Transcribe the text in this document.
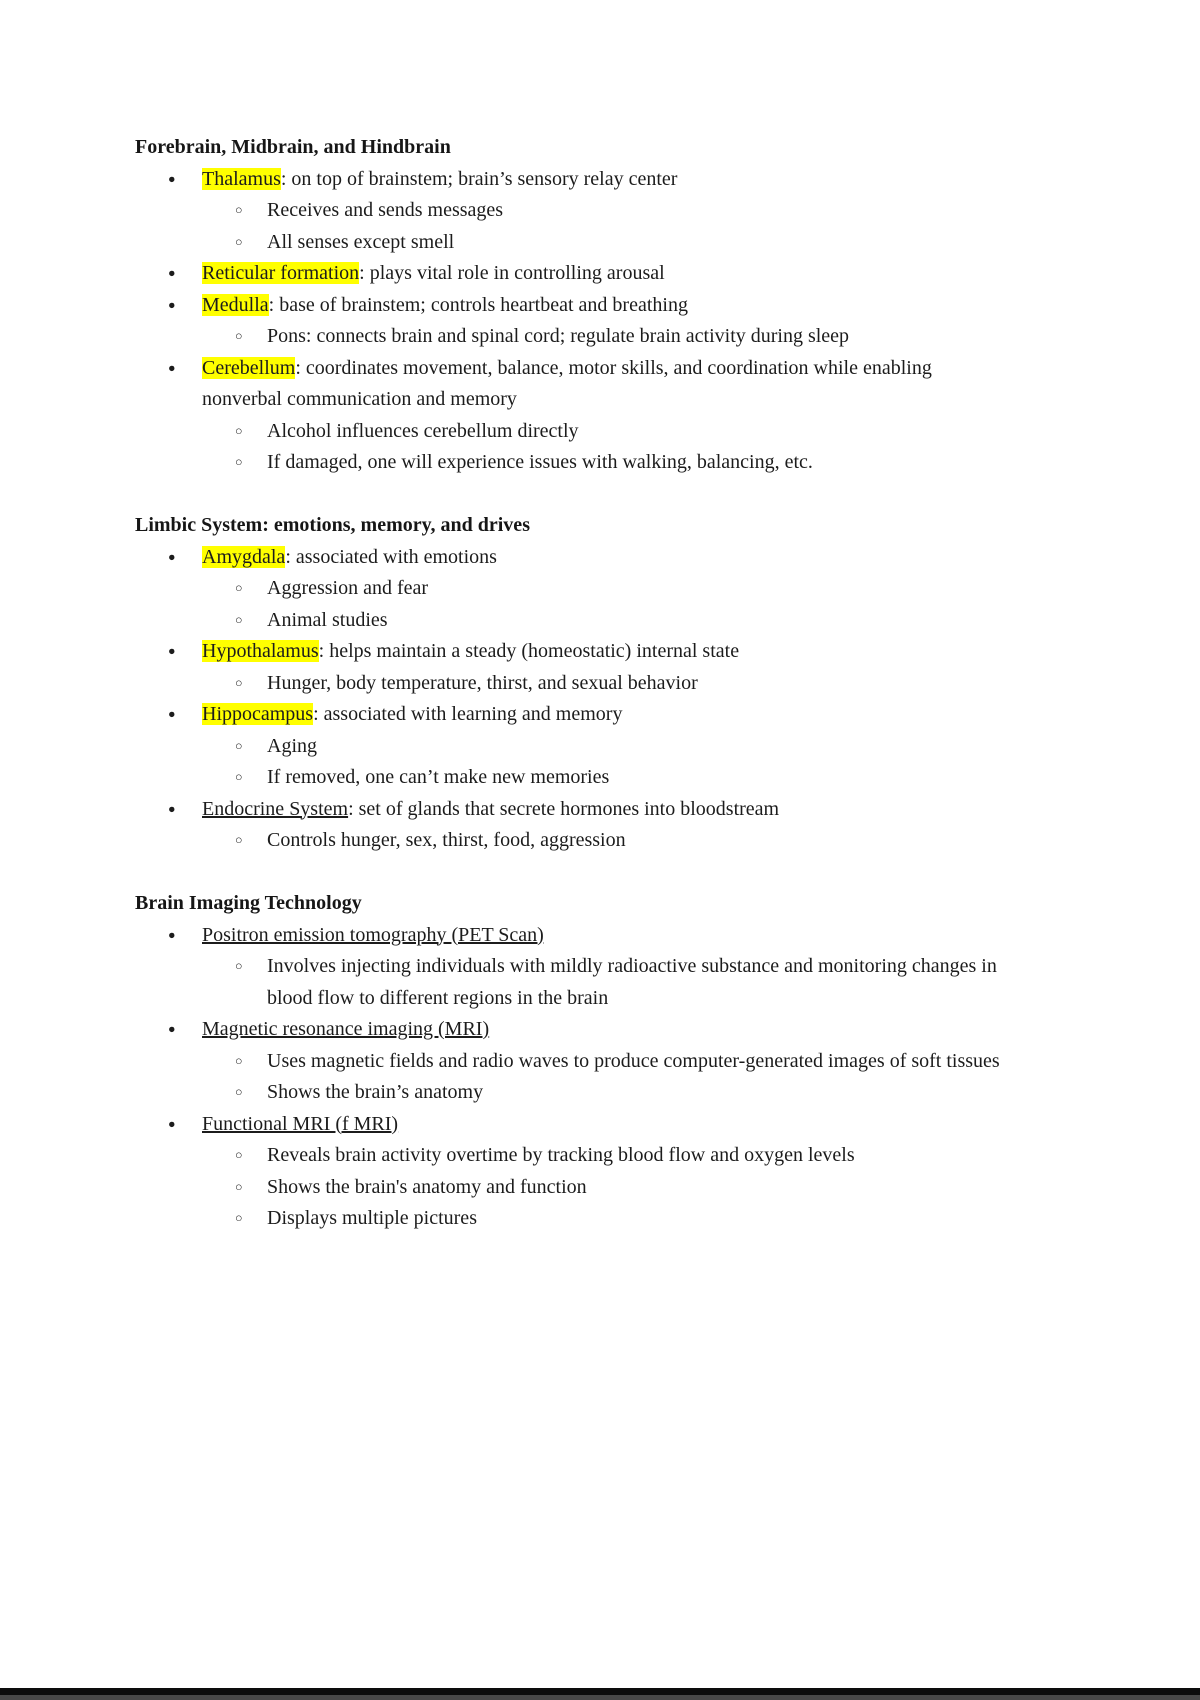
Forebrain, Midbrain, and Hindbrain
●	Thalamus: on top of brainstem; brain’s sensory relay center
○	Receives and sends messages
○	All senses except smell
●	Reticular formation: plays vital role in controlling arousal
●	Medulla: base of brainstem; controls heartbeat and breathing
○	Pons: connects brain and spinal cord; regulate brain activity during sleep
●	Cerebellum: coordinates movement, balance, motor skills, and coordination while enabling nonverbal communication and memory
○	Alcohol influences cerebellum directly
○	If damaged, one will experience issues with walking, balancing, etc.
Limbic System: emotions, memory, and drives
●	Amygdala: associated with emotions
○	Aggression and fear
○	Animal studies
●	Hypothalamus: helps maintain a steady (homeostatic) internal state
○	Hunger, body temperature, thirst, and sexual behavior
●	Hippocampus: associated with learning and memory
○	Aging
○	If removed, one can’t make new memories
●	Endocrine System: set of glands that secrete hormones into bloodstream
○	Controls hunger, sex, thirst, food, aggression
Brain Imaging Technology
●	Positron emission tomography (PET Scan)
○	Involves injecting individuals with mildly radioactive substance and monitoring changes in blood flow to different regions in the brain
●	Magnetic resonance imaging (MRI)
○	Uses magnetic fields and radio waves to produce computer-generated images of soft tissues
○	Shows the brain’s anatomy
●	Functional MRI (f MRI)
○	Reveals brain activity overtime by tracking blood flow and oxygen levels
○	Shows the brain's anatomy and function
○	Displays multiple pictures
